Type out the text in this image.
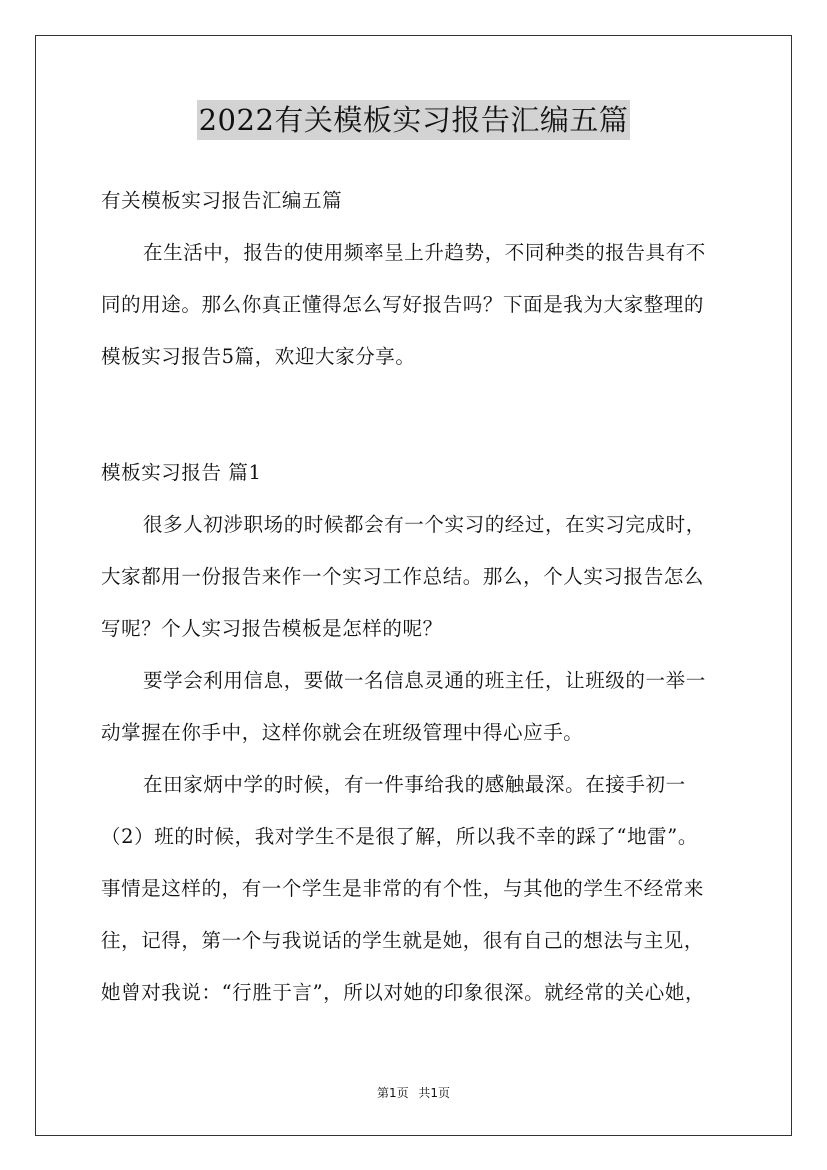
2022有关模板实习报告汇编五篇
有关模板实习报告汇编五篇
在生活中，报告的使用频率呈上升趋势，不同种类的报告具有不
同的用途。那么你真正懂得怎么写好报告吗？下面是我为大家整理的
模板实习报告5篇，欢迎大家分享。
模板实习报告 篇1
很多人初涉职场的时候都会有一个实习的经过，在实习完成时，
大家都用一份报告来作一个实习工作总结。那么，个人实习报告怎么
写呢？个人实习报告模板是怎样的呢？
要学会利用信息，要做一名信息灵通的班主任，让班级的一举一
动掌握在你手中，这样你就会在班级管理中得心应手。
在田家炳中学的时候，有一件事给我的感触最深。在接手初一
（2）班的时候，我对学生不是很了解，所以我不幸的踩了“地雷”。
事情是这样的，有一个学生是非常的有个性，与其他的学生不经常来
往，记得，第一个与我说话的学生就是她，很有自己的想法与主见，
她曾对我说：“行胜于言”，所以对她的印象很深。就经常的关心她，
第1页 共1页
